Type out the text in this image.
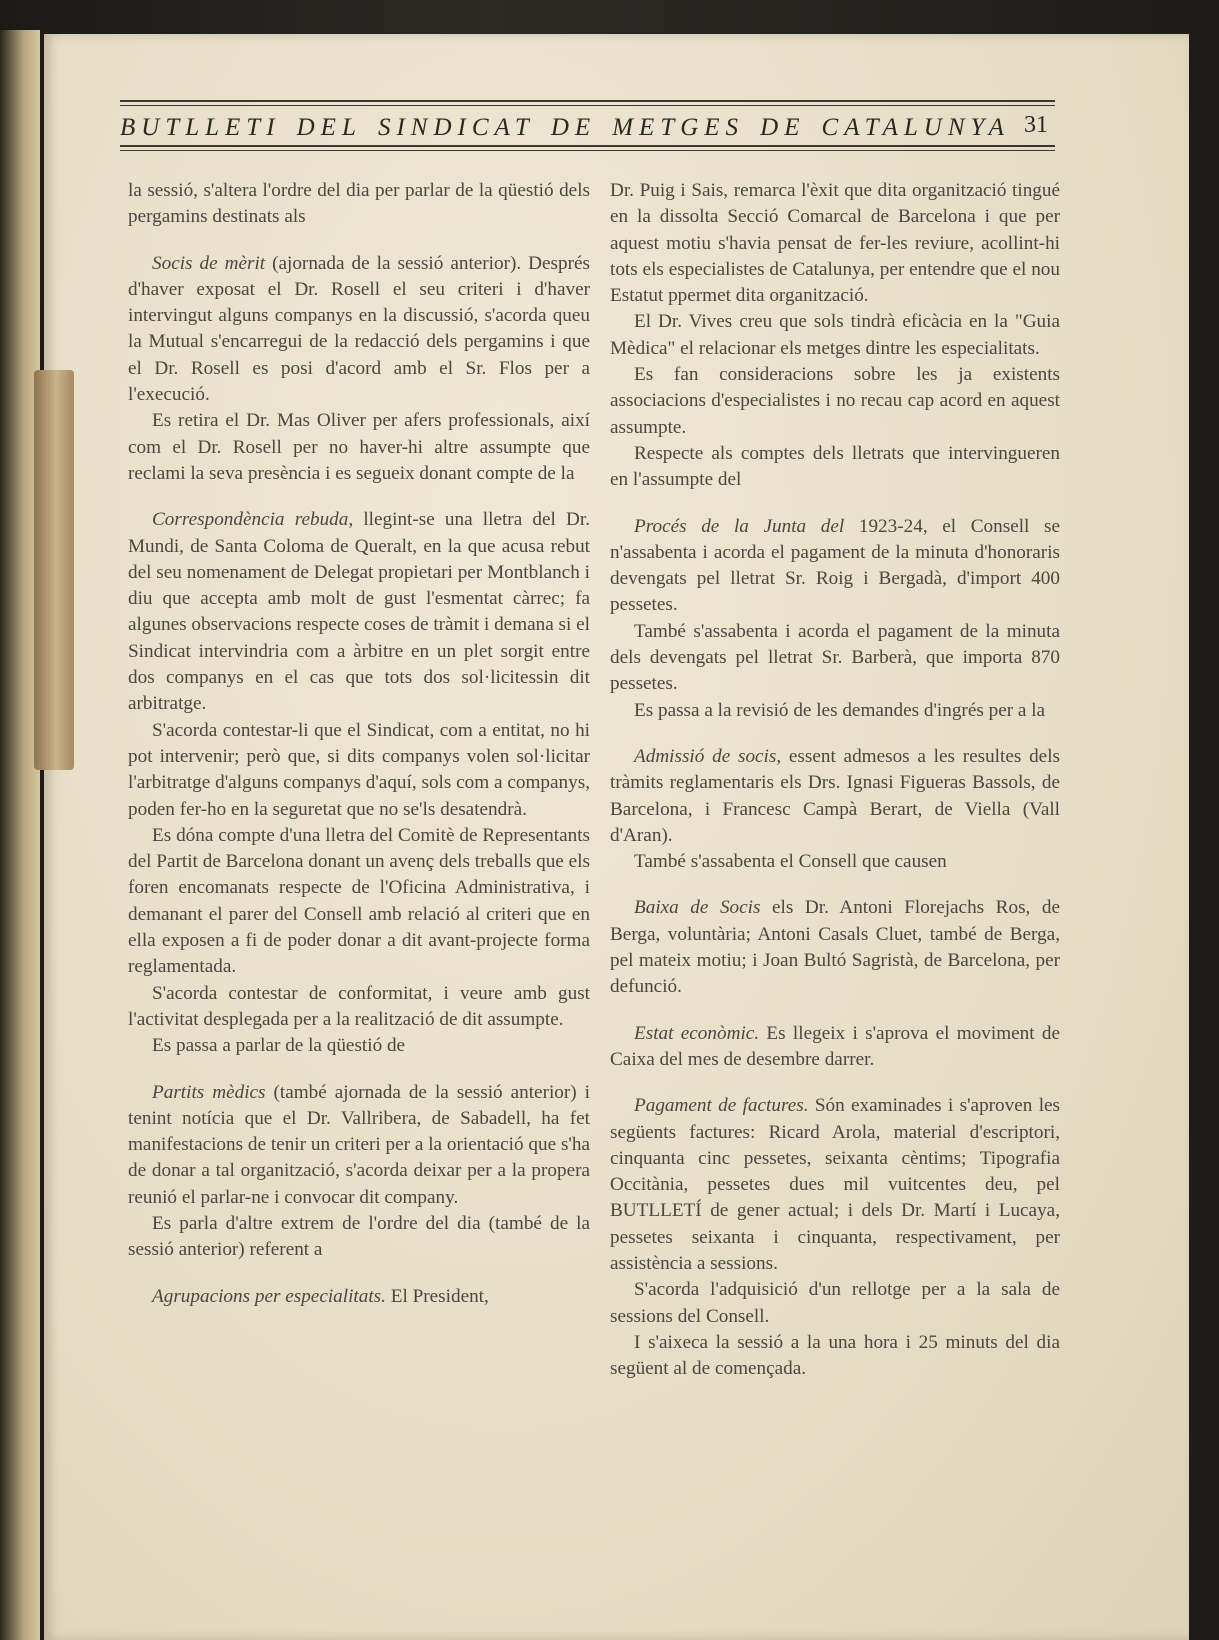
BUTLLETI DEL SINDICAT DE METGES DE CATALUNYA 31

la sessió, s'altera l'ordre del dia per parlar de la qüestió dels pergamins destinats als

Socis de mèrit (ajornada de la sessió anterior). Després d'haver exposat el Dr. Rosell el seu criteri i d'haver intervingut alguns companys en la discussió, s'acorda queu la Mutual s'encarregui de la redacció dels pergamins i que el Dr. Rosell es posi d'acord amb el Sr. Flos per a l'execució.

Es retira el Dr. Mas Oliver per afers professionals, així com el Dr. Rosell per no haver-hi altre assumpte que reclami la seva presència i es segueix donant compte de la

Correspondència rebuda, llegint-se una lletra del Dr. Mundi, de Santa Coloma de Queralt, en la que acusa rebut del seu nomenament de Delegat propietari per Montblanch i diu que accepta amb molt de gust l'esmentat càrrec; fa algunes observacions respecte coses de tràmit i demana si el Sindicat intervindria com a àrbitre en un plet sorgit entre dos companys en el cas que tots dos sol·licitessin dit arbitratge.

S'acorda contestar-li que el Sindicat, com a entitat, no hi pot intervenir; però que, si dits companys volen sol·licitar l'arbitratge d'alguns companys d'aquí, sols com a companys, poden fer-ho en la seguretat que no se'ls desatendrà.

Es dóna compte d'una lletra del Comitè de Representants del Partit de Barcelona donant un avenç dels treballs que els foren encomanats respecte de l'Oficina Administrativa, i demanant el parer del Consell amb relació al criteri que en ella exposen a fi de poder donar a dit avant-projecte forma reglamentada.

S'acorda contestar de conformitat, i veure amb gust l'activitat desplegada per a la realització de dit assumpte.

Es passa a parlar de la qüestió de

Partits mèdics (també ajornada de la sessió anterior) i tenint notícia que el Dr. Vallribera, de Sabadell, ha fet manifestacions de tenir un criteri per a la orientació que s'ha de donar a tal organització, s'acorda deixar per a la propera reunió el parlar-ne i convocar dit company.

Es parla d'altre extrem de l'ordre del dia (també de la sessió anterior) referent a

Agrupacions per especialitats. El President,

Dr. Puig i Sais, remarca l'èxit que dita organització tingué en la dissolta Secció Comarcal de Barcelona i que per aquest motiu s'havia pensat de fer-les reviure, acollint-hi tots els especialistes de Catalunya, per entendre que el nou Estatut ppermet dita organització.

El Dr. Vives creu que sols tindrà eficàcia en la "Guia Mèdica" el relacionar els metges dintre les especialitats.

Es fan consideracions sobre les ja existents associacions d'especialistes i no recau cap acord en aquest assumpte.

Respecte als comptes dels lletrats que intervingueren en l'assumpte del

Procés de la Junta del 1923-24, el Consell se n'assabenta i acorda el pagament de la minuta d'honoraris devengats pel lletrat Sr. Roig i Bergadà, d'import 400 pessetes.

També s'assabenta i acorda el pagament de la minuta dels devengats pel lletrat Sr. Barberà, que importa 870 pessetes.

Es passa a la revisió de les demandes d'ingrés per a la

Admissió de socis, essent admesos a les resultes dels tràmits reglamentaris els Drs. Ignasi Figueras Bassols, de Barcelona, i Francesc Campà Berart, de Viella (Vall d'Aran).

També s'assabenta el Consell que causen

Baixa de Socis els Dr. Antoni Florejachs Ros, de Berga, voluntària; Antoni Casals Cluet, també de Berga, pel mateix motiu; i Joan Bultó Sagristà, de Barcelona, per defunció.

Estat econòmic. Es llegeix i s'aprova el moviment de Caixa del mes de desembre darrer.

Pagament de factures. Són examinades i s'aproven les següents factures: Ricard Arola, material d'escriptori, cinquanta cinc pessetes, seixanta cèntims; Tipografia Occitània, pessetes dues mil vuitcentes deu, pel BUTLLETÍ de gener actual; i dels Dr. Martí i Lucaya, pessetes seixanta i cinquanta, respectivament, per assistència a sessions.

S'acorda l'adquisició d'un rellotge per a la sala de sessions del Consell.

I s'aixeca la sessió a la una hora i 25 minuts del dia següent al de començada.
